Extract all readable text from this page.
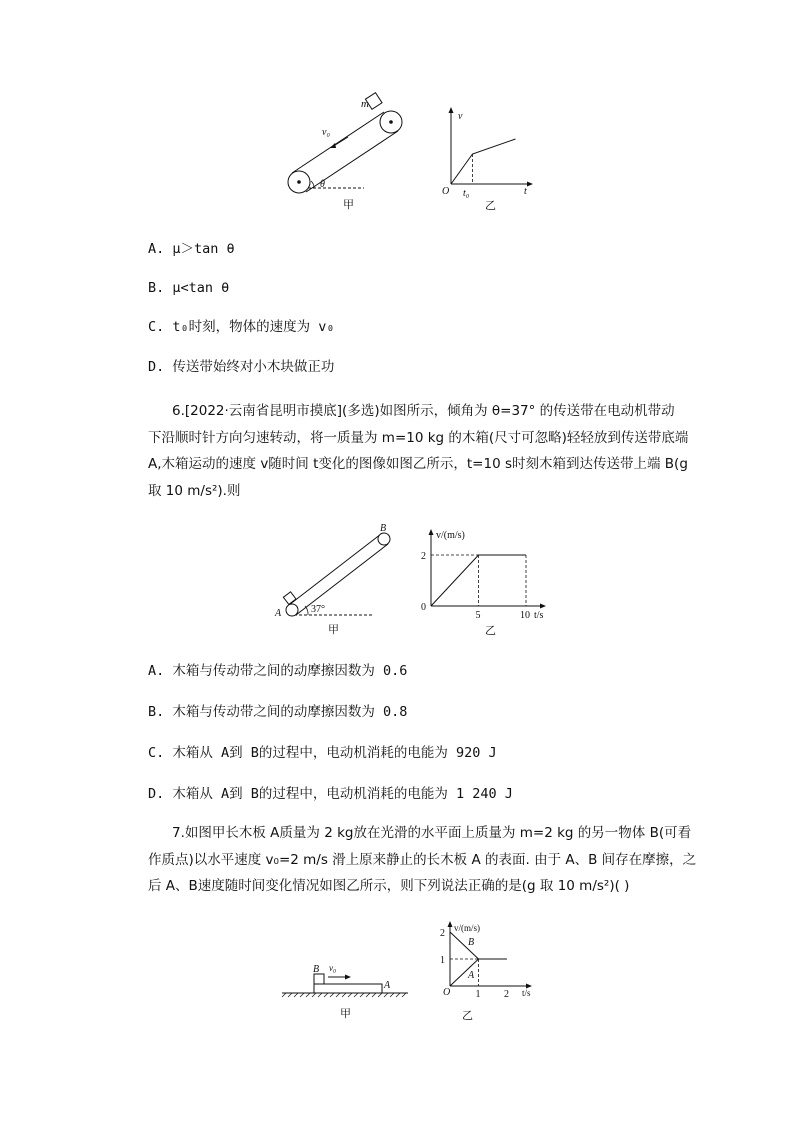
m
v₀
θ
甲
v
O t₀	t
乙
A. μ＞tan θ
B. μ<tan θ
C. t₀时刻，物体的速度为 v₀
D. 传送带始终对小木块做正功
6.[2022·云南省昆明市摸底](多选)如图所示，倾角为 θ=37° 的传送带在电动机带动
下沿顺时针方向匀速转动，将一质量为 m=10 kg 的木箱(尺寸可忽略)轻轻放到传送带底端
A,木箱运动的速度 v随时间 t变化的图像如图乙所示，t=10 s时刻木箱到达传送带上端 B(g
取 10 m/s²).则
37°
A
B
甲
0
2
5	10
v/(m/s)
t/s
乙
A. 木箱与传动带之间的动摩擦因数为 0.6
B. 木箱与传动带之间的动摩擦因数为 0.8
C. 木箱从 A到 B的过程中，电动机消耗的电能为 920 J
D. 木箱从 A到 B的过程中，电动机消耗的电能为 1 240 J
7.如图甲长木板 A质量为 2 kg放在光滑的水平面上质量为 m=2 kg 的另一物体 B(可看
作质点)以水平速度 v₀=2 m/s 滑上原来静止的长木板 A 的表面. 由于 A、B 间存在摩擦，之
后 A、B速度随时间变化情况如图乙所示，则下列说法正确的是(g 取 10 m/s²)( )
B v₀
A
甲
1
2
1 2
v/(m/s)
t/s
O
B
A
乙
